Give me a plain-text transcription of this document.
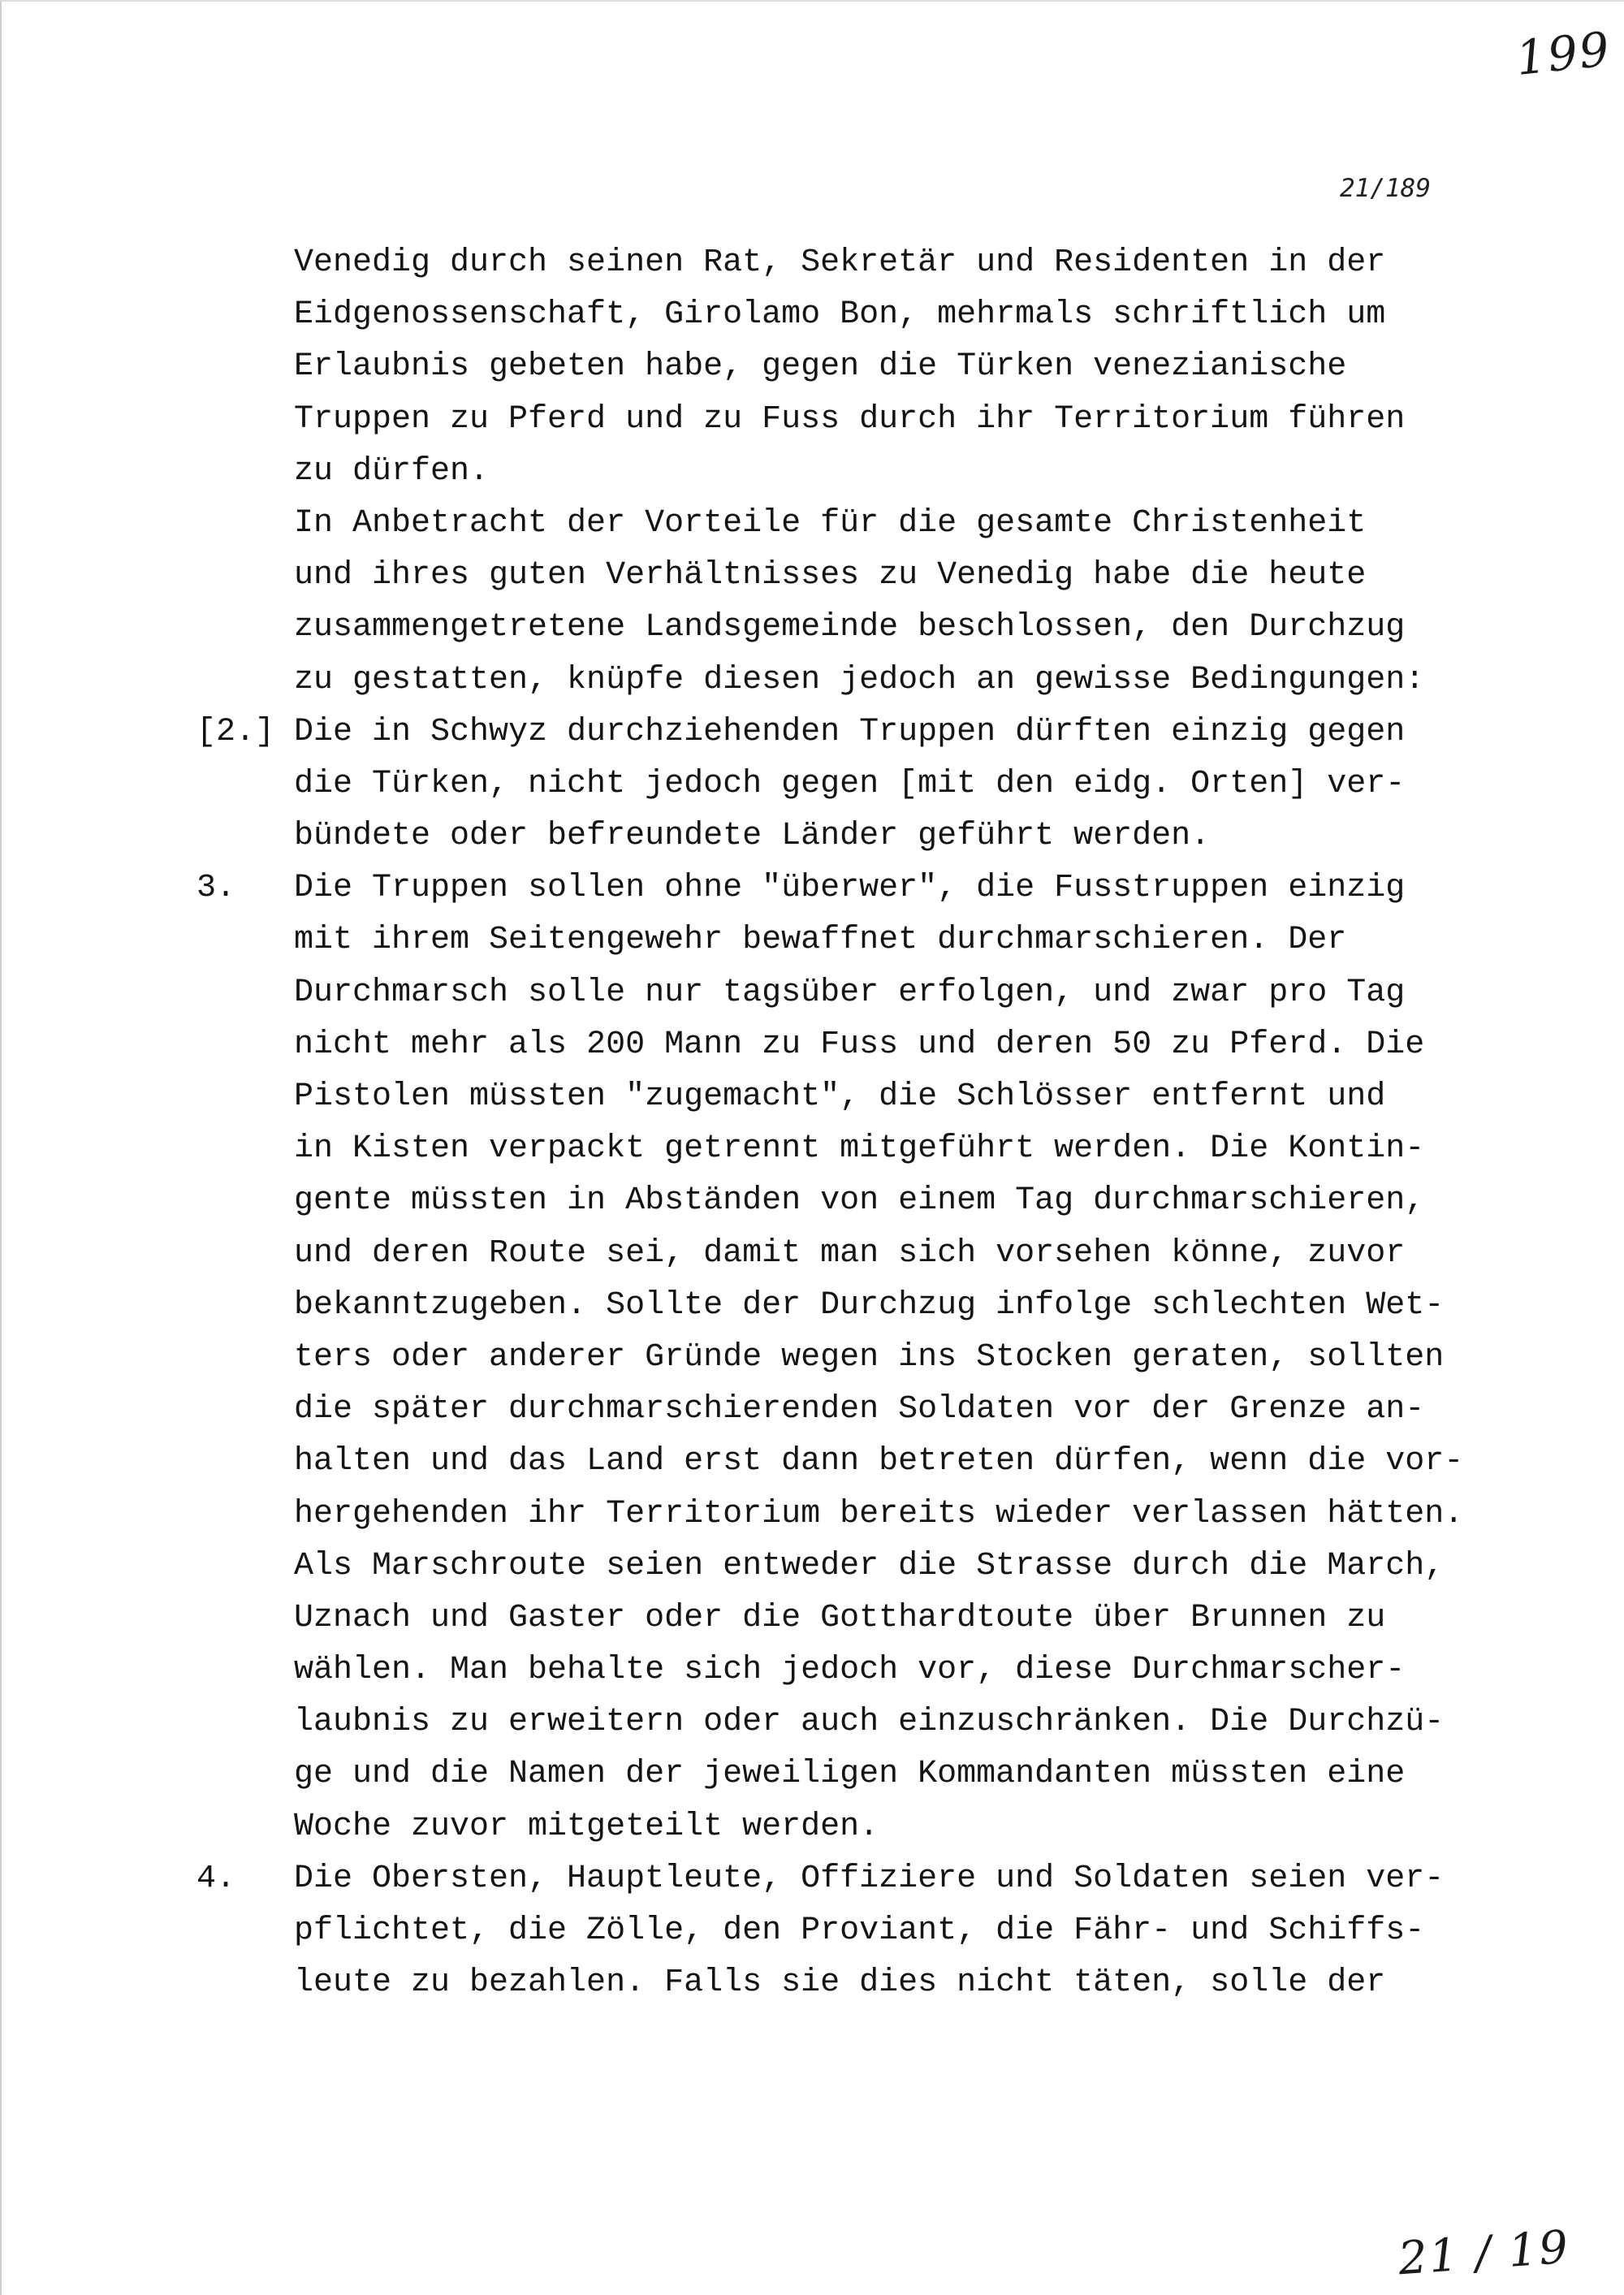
199
21/189
Venedig durch seinen Rat, Sekretär und Residenten in der
Eidgenossenschaft, Girolamo Bon, mehrmals schriftlich um
Erlaubnis gebeten habe, gegen die Türken venezianische
Truppen zu Pferd und zu Fuss durch ihr Territorium führen
zu dürfen.
In Anbetracht der Vorteile für die gesamte Christenheit
und ihres guten Verhältnisses zu Venedig habe die heute
zusammengetretene Landsgemeinde beschlossen, den Durchzug
zu gestatten, knüpfe diesen jedoch an gewisse Bedingungen:
[2.] Die in Schwyz durchziehenden Truppen dürften einzig gegen
die Türken, nicht jedoch gegen [mit den eidg. Orten] ver-
bündete oder befreundete Länder geführt werden.
3. Die Truppen sollen ohne "überwer", die Fusstruppen einzig
mit ihrem Seitengewehr bewaffnet durchmarschieren. Der
Durchmarsch solle nur tagsüber erfolgen, und zwar pro Tag
nicht mehr als 200 Mann zu Fuss und deren 50 zu Pferd. Die
Pistolen müssten "zugemacht", die Schlösser entfernt und
in Kisten verpackt getrennt mitgeführt werden. Die Kontin-
gente müssten in Abständen von einem Tag durchmarschieren,
und deren Route sei, damit man sich vorsehen könne, zuvor
bekanntzugeben. Sollte der Durchzug infolge schlechten Wet-
ters oder anderer Gründe wegen ins Stocken geraten, sollten
die später durchmarschierenden Soldaten vor der Grenze an-
halten und das Land erst dann betreten dürfen, wenn die vor-
hergehenden ihr Territorium bereits wieder verlassen hätten.
Als Marschroute seien entweder die Strasse durch die March,
Uznach und Gaster oder die Gotthardtoute über Brunnen zu
wählen. Man behalte sich jedoch vor, diese Durchmarscher-
laubnis zu erweitern oder auch einzuschränken. Die Durchzü-
ge und die Namen der jeweiligen Kommandanten müssten eine
Woche zuvor mitgeteilt werden.
4. Die Obersten, Hauptleute, Offiziere und Soldaten seien ver-
pflichtet, die Zölle, den Proviant, die Fähr- und Schiffs-
leute zu bezahlen. Falls sie dies nicht täten, solle der
21 / 19
